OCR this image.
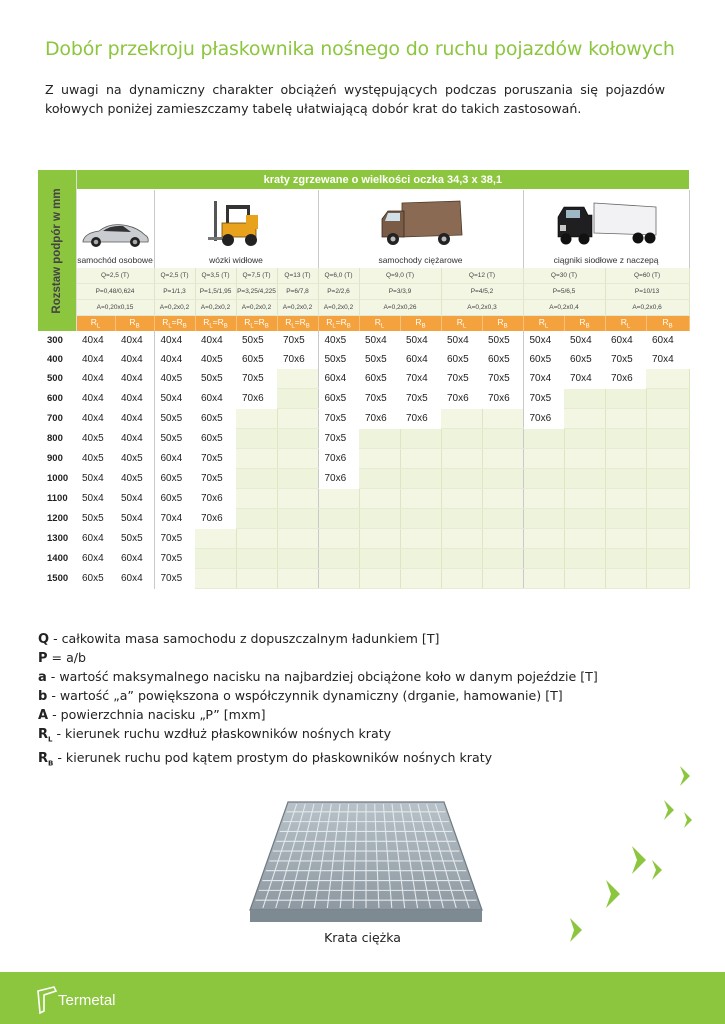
Dobór przekroju płaskownika nośnego do ruchu pojazdów kołowych
Z uwagi na dynamiczny charakter obciążeń występujących podczas poruszania się pojazdów kołowych poniżej zamieszczamy tabelę ułatwiającą dobór krat do takich zastosowań.
Rozstaw podpór w mm	kraty zgrzewane o wielkości oczka 34,3 x 38,1														

	samochód osobowe		wózki widłowe				samochody ciężarowe					ciągniki siodłowe z naczepą			

	Q=2,5 (T)		Q=2,5 (T)	Q=3,5 (T)	Q=7,5 (T)	Q=13 (T)	Q=6,0 (T)	Q=9,0 (T)		Q=12 (T)		Q=30 (T)		Q=60 (T)	
	P=0,48/0,624		P=1/1,3	P=1,5/1,95	P=3,25/4,225	P=6/7,8	P=2/2,6	P=3/3,9		P=4/5,2		P=5/6,5		P=10/13	
	A=0,20x0,15		A=0,2x0,2	A=0,2x0,2	A=0,2x0,2	A=0,2x0,2	A=0,2x0,2	A=0,2x0,26		A=0,2x0,3		A=0,2x0,4		A=0,2x0,6	
	$R_L$	$R_B$	$R_L=R_B$	$R_L=R_B$	$R_L=R_B$	$R_L=R_B$	$R_L=R_B$	$R_L$	$R_B$	$R_L$	$R_B$	$R_L$	$R_B$	$R_L$	$R_B$
300	40x4	40x4	40x4	40x4	50x5	70x5	40x5	50x4	50x4	50x4	50x5	50x4	50x4	60x4	60x4
400	40x4	40x4	40x4	40x5	60x5	70x6	50x5	50x5	60x4	60x5	60x5	60x5	60x5	70x5	70x4
500	40x4	40x4	40x5	50x5	70x5		60x4	60x5	70x4	70x5	70x5	70x4	70x4	70x6	
600	40x4	40x4	50x4	60x4	70x6		60x5	70x5	70x5	70x6	70x6	70x5			
700	40x4	40x4	50x5	60x5			70x5	70x6	70x6			70x6			
800	40x5	40x4	50x5	60x5			70x5								
900	40x5	40x5	60x4	70x5			70x6								
1000	50x4	40x5	60x5	70x5			70x6								
1100	50x4	50x4	60x5	70x6											
1200	50x5	50x4	70x4	70x6											
1300	60x4	50x5	70x5												
1400	60x4	60x4	70x5												
1500	60x5	60x4	70x5												
Q - całkowita masa samochodu z dopuszczalnym ładunkiem [T]
P = a/b
a - wartość maksymalnego nacisku na najbardziej obciążone koło w danym pojeździe [T]
b - wartość „a” powiększona o współczynnik dynamiczny (drganie, hamowanie) [T]
A - powierzchnia nacisku „P” [mxm]
$R_L$ - kierunek ruchu wzdłuż płaskowników nośnych kraty
$R_B$ - kierunek ruchu pod kątem prostym do płaskowników nośnych kraty
Krata ciężka
Termetal
